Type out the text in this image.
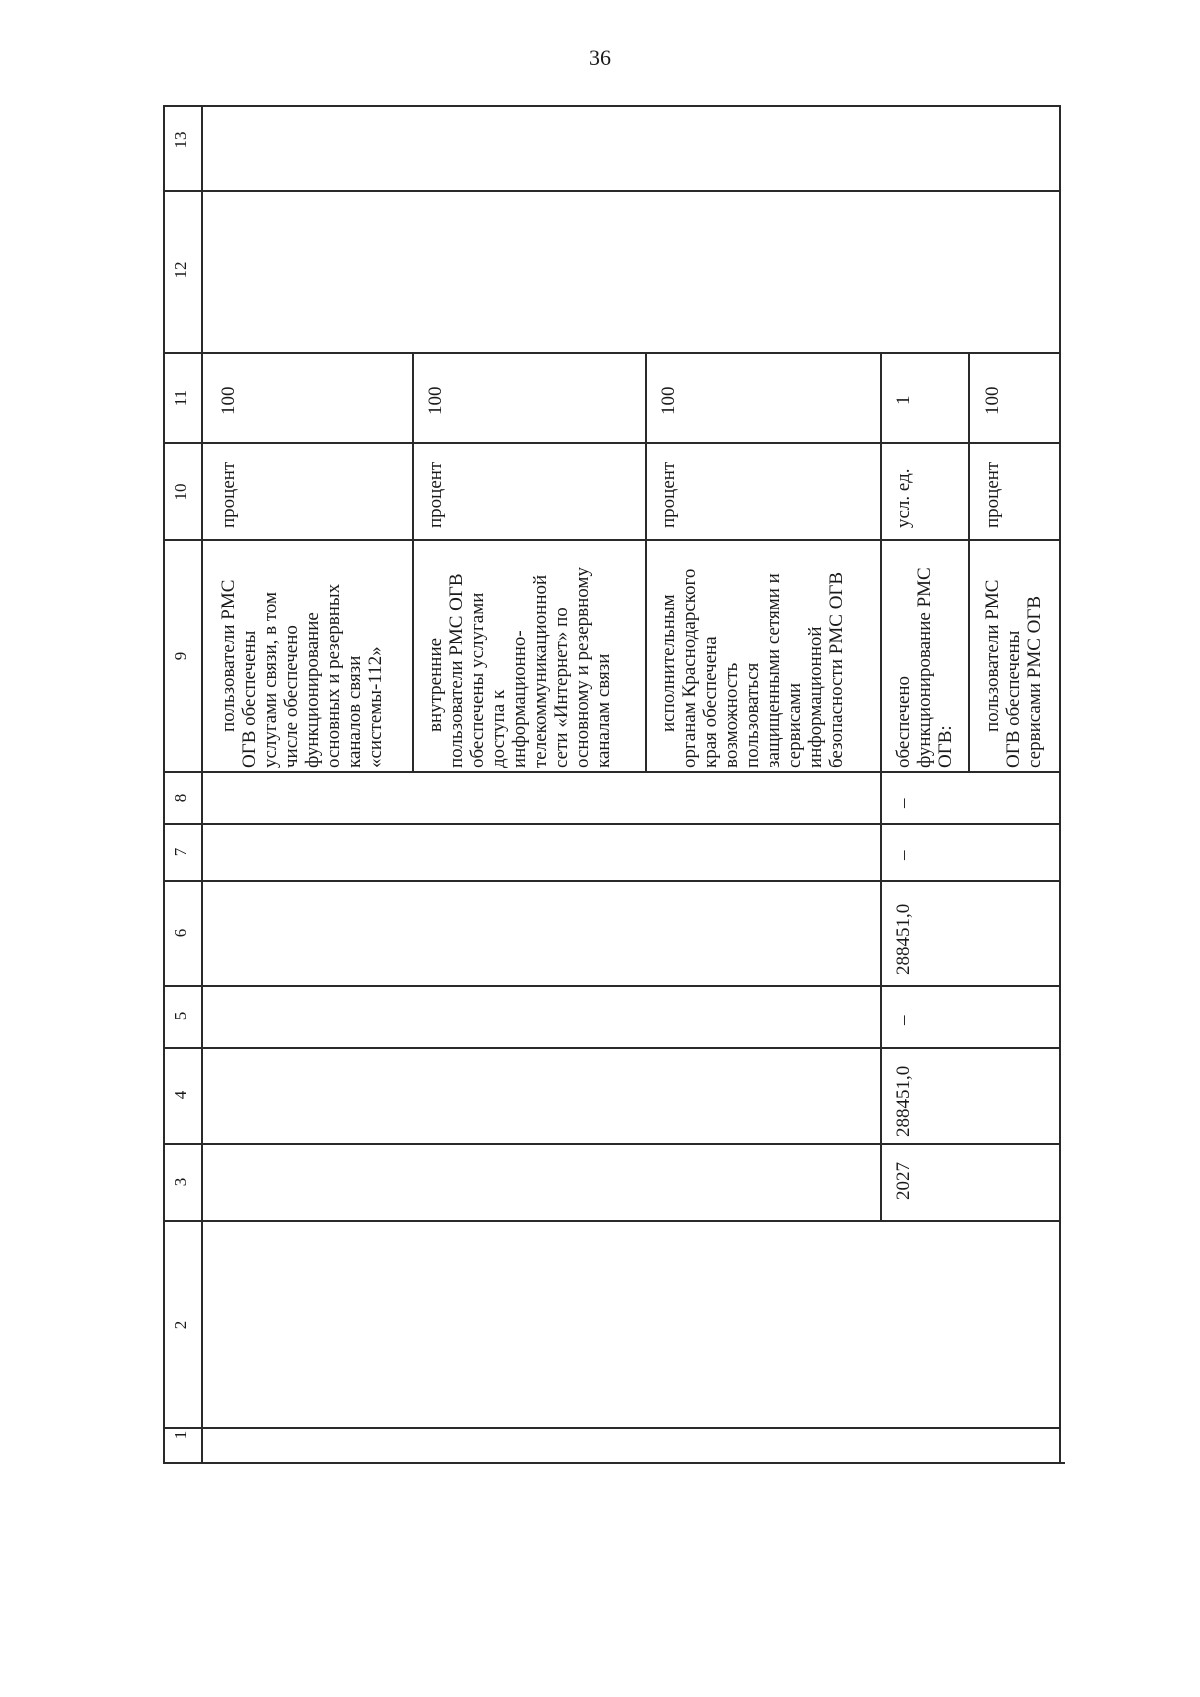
36
13
12
11
10
9
8
7
6
5
4
3
2
1
100
процент
пользователи РМС ОГВ обеспечены услугами связи, в том числе обеспечено функционирование основных и резервных каналов связи «системы-112»
100
процент
внутренние пользователи РМС ОГВ обеспечены услугами доступа к информационно- телекоммуникационной сети «Интернет» по основному и резервному каналам связи
100
процент
исполнительным органам Краснодарского края обеспечена возможность пользоваться защищенными сетями и сервисами информационной безопасности РМС ОГВ
1
усл. ед.
обеспечено функционирование РМС ОГВ:
–
–
288451,0
–
288451,0
2027
100
процент
пользователи РМС ОГВ обеспечены сервисами РМС ОГВ
